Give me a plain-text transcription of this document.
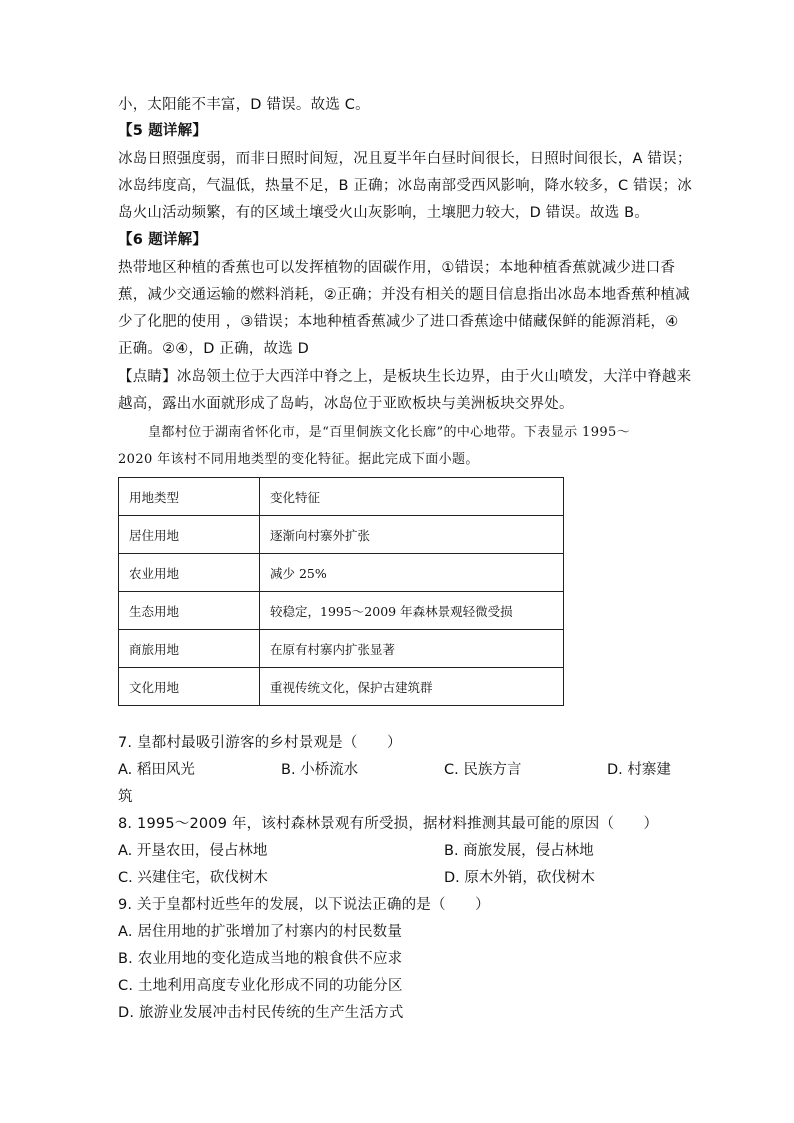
小，太阳能不丰富，D 错误。故选 C。
【5 题详解】
冰岛日照强度弱，而非日照时间短，况且夏半年白昼时间很长，日照时间很长，A 错误；
冰岛纬度高，气温低，热量不足，B 正确；冰岛南部受西风影响，降水较多，C 错误；冰
岛火山活动频繁，有的区域土壤受火山灰影响，土壤肥力较大，D 错误。故选 B。
【6 题详解】
热带地区种植的香蕉也可以发挥植物的固碳作用，①错误；本地种植香蕉就减少进口香
蕉，减少交通运输的燃料消耗，②正确；并没有相关的题目信息指出冰岛本地香蕉种植减
少了化肥的使用 ，③错误；本地种植香蕉减少了进口香蕉途中储藏保鲜的能源消耗，④
正确。②④，D 正确，故选 D
【点睛】冰岛领土位于大西洋中脊之上，是板块生长边界，由于火山喷发，大洋中脊越来
越高，露出水面就形成了岛屿，冰岛位于亚欧板块与美洲板块交界处。
皇都村位于湖南省怀化市，是“百里侗族文化长廊”的中心地带。下表显示 1995～
2020 年该村不同用地类型的变化特征。据此完成下面小题。
用地类型	变化特征
居住用地	逐渐向村寨外扩张
农业用地	减少 25%
生态用地	较稳定，1995～2009 年森林景观轻微受损
商旅用地	在原有村寨内扩张显著
文化用地	重视传统文化，保护古建筑群
7. 皇都村最吸引游客的乡村景观是（　　）
A. 稻田风光	B. 小桥流水	C. 民族方言	D. 村寨建
筑
8. 1995～2009 年，该村森林景观有所受损，据材料推测其最可能的原因（　　）
A. 开垦农田，侵占林地	B. 商旅发展，侵占林地
C. 兴建住宅，砍伐树木	D. 原木外销，砍伐树木
9. 关于皇都村近些年的发展，以下说法正确的是（　　）
A. 居住用地的扩张增加了村寨内的村民数量
B. 农业用地的变化造成当地的粮食供不应求
C. 土地利用高度专业化形成不同的功能分区
D. 旅游业发展冲击村民传统的生产生活方式
